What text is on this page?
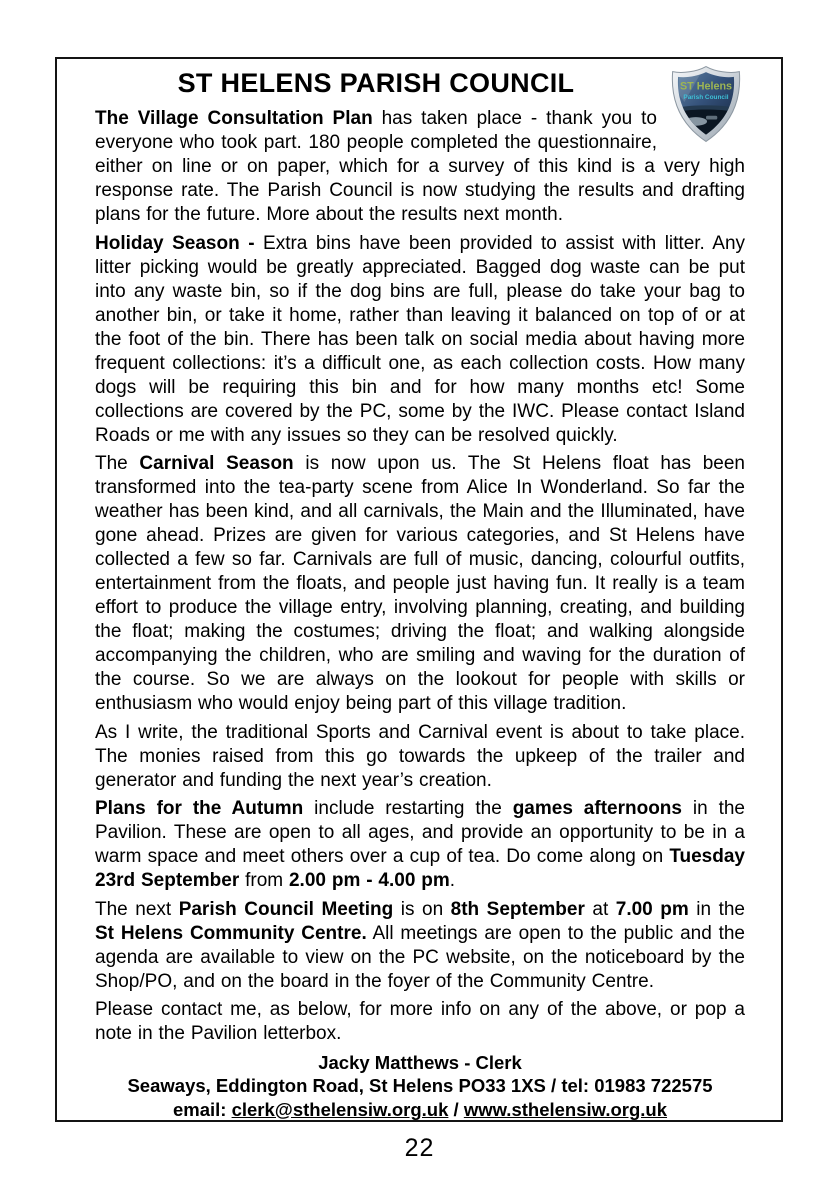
ST Helens
Parish Council
ST HELENS PARISH COUNCIL

The Village Consultation Plan has taken place - thank you to everyone who took part. 180 people completed the questionnaire, either on line or on paper, which for a survey of this kind is a very high response rate. The Parish Council is now studying the results and drafting plans for the future. More about the results next month.

Holiday Season - Extra bins have been provided to assist with litter. Any litter picking would be greatly appreciated. Bagged dog waste can be put into any waste bin, so if the dog bins are full, please do take your bag to another bin, or take it home, rather than leaving it balanced on top of or at the foot of the bin. There has been talk on social media about having more frequent collections: it’s a difficult one, as each collection costs. How many dogs will be requiring this bin and for how many months etc! Some collections are covered by the PC, some by the IWC. Please contact Island Roads or me with any issues so they can be resolved quickly.

The Carnival Season is now upon us. The St Helens float has been transformed into the tea-party scene from Alice In Wonderland. So far the weather has been kind, and all carnivals, the Main and the Illuminated, have gone ahead. Prizes are given for various categories, and St Helens have collected a few so far. Carnivals are full of music, dancing, colourful outfits, entertainment from the floats, and people just having fun. It really is a team effort to produce the village entry, involving planning, creating, and building the float; making the costumes; driving the float; and walking alongside accompanying the children, who are smiling and waving for the duration of the course. So we are always on the lookout for people with skills or enthusiasm who would enjoy being part of this village tradition.

As I write, the traditional Sports and Carnival event is about to take place. The monies raised from this go towards the upkeep of the trailer and generator and funding the next year’s creation.

Plans for the Autumn include restarting the games afternoons in the Pavilion. These are open to all ages, and provide an opportunity to be in a warm space and meet others over a cup of tea. Do come along on Tuesday 23rd September from 2.00 pm - 4.00 pm.

The next Parish Council Meeting is on 8th September at 7.00 pm in the St Helens Community Centre. All meetings are open to the public and the agenda are available to view on the PC website, on the noticeboard by the Shop/PO, and on the board in the foyer of the Community Centre.

Please contact me, as below, for more info on any of the above, or pop a note in the Pavilion letterbox.

Jacky Matthews - Clerk
Seaways, Eddington Road, St Helens PO33 1XS / tel: 01983 722575
email: clerk@sthelensiw.org.uk / www.sthelensiw.org.uk
22
